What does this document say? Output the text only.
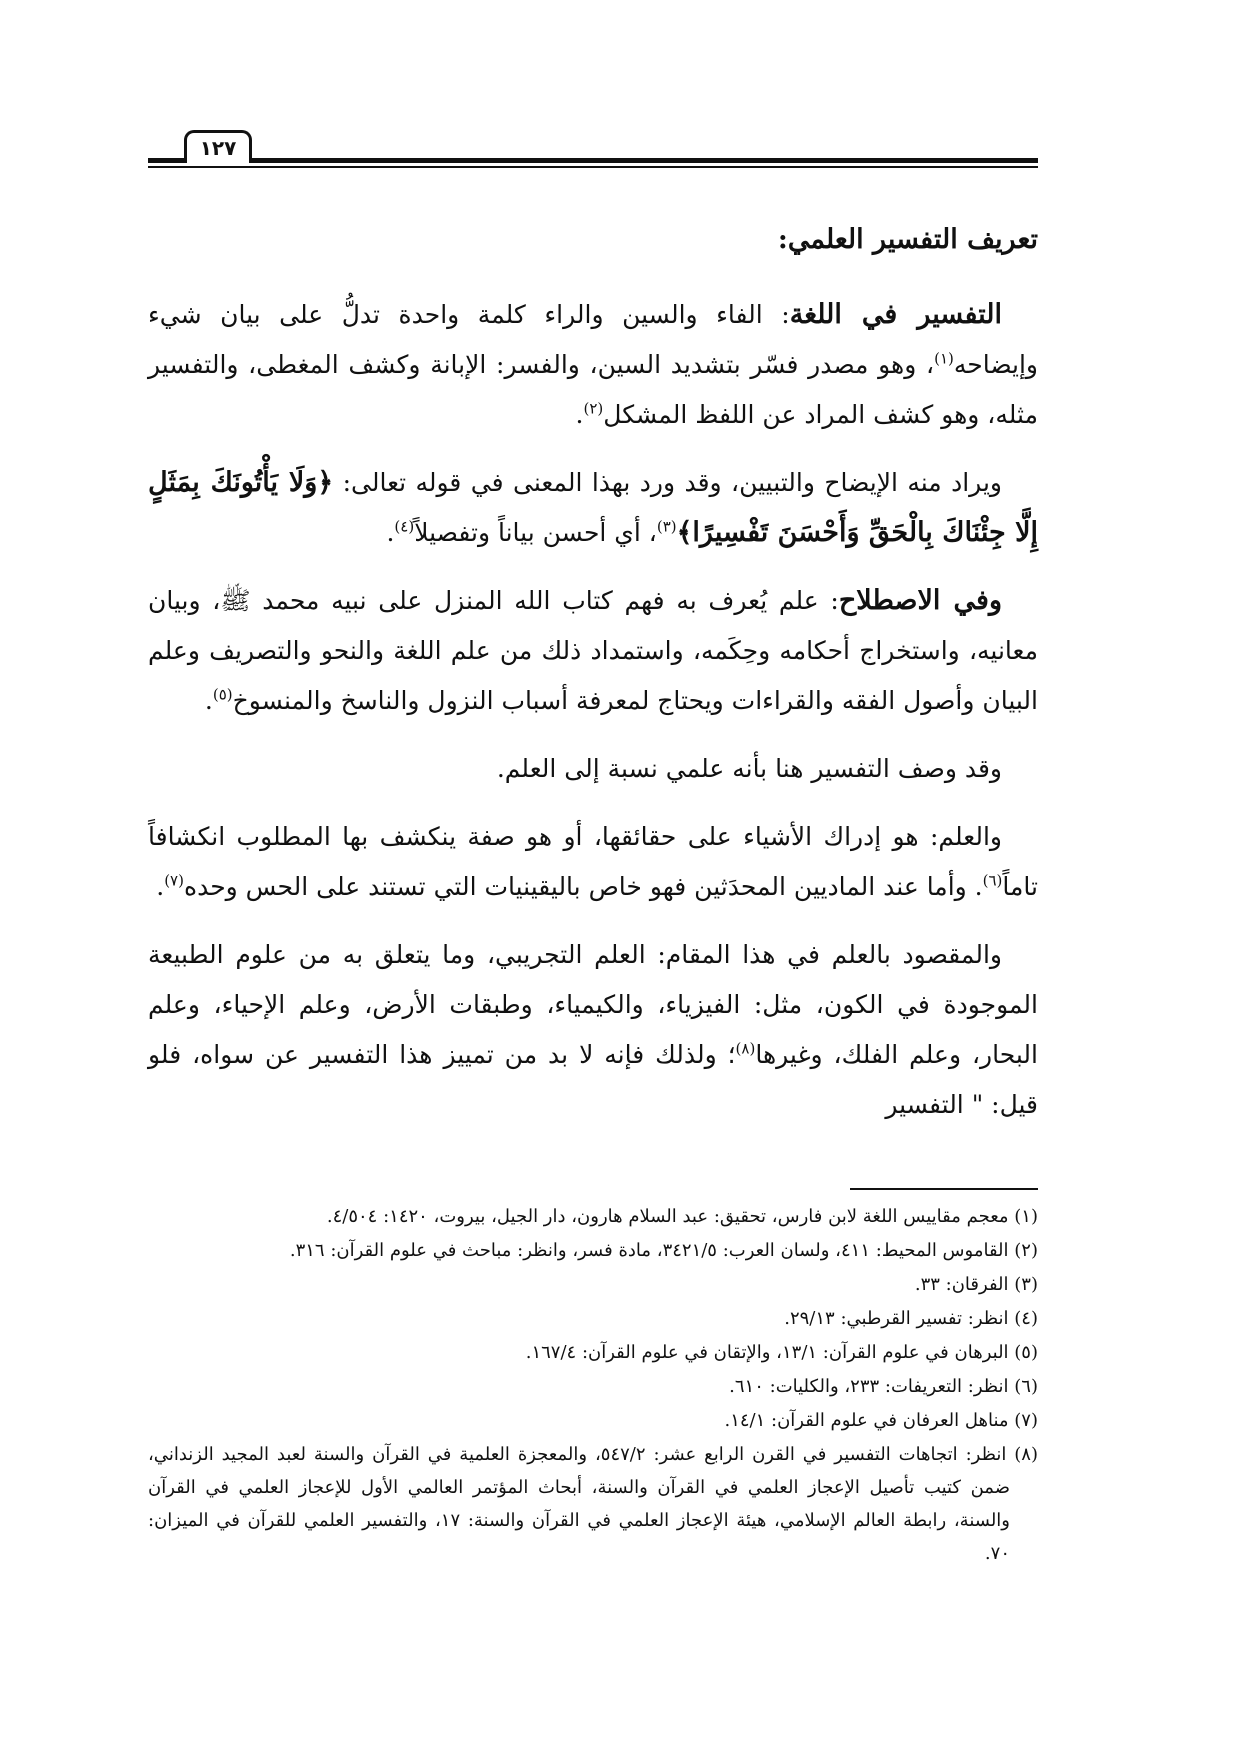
١٢٧
تعريف التفسير العلمي:

التفسير في اللغة: الفاء والسين والراء كلمة واحدة تدلُّ على بيان شيء وإيضاحه$^{(١)}$، وهو مصدر فسّر بتشديد السين، والفسر: الإبانة وكشف المغطى، والتفسير مثله، وهو كشف المراد عن اللفظ المشكل$^{(٢)}$.

ويراد منه الإيضاح والتبيين، وقد ورد بهذا المعنى في قوله تعالى: ﴿وَلَا يَأْتُونَكَ بِمَثَلٍ إِلَّا جِئْنَاكَ بِالْحَقِّ وَأَحْسَنَ تَفْسِيرًا﴾$^{(٣)}$، أي أحسن بياناً وتفصيلاً$^{(٤)}$.

وفي الاصطلاح: علم يُعرف به فهم كتاب الله المنزل على نبيه محمد ﷺ، وبيان معانيه، واستخراج أحكامه وحِكَمه، واستمداد ذلك من علم اللغة والنحو والتصريف وعلم البيان وأصول الفقه والقراءات ويحتاج لمعرفة أسباب النزول والناسخ والمنسوخ$^{(٥)}$.

وقد وصف التفسير هنا بأنه علمي نسبة إلى العلم.

والعلم: هو إدراك الأشياء على حقائقها، أو هو صفة ينكشف بها المطلوب انكشافاً تاماً$^{(٦)}$. وأما عند الماديين المحدَثين فهو خاص باليقينيات التي تستند على الحس وحده$^{(٧)}$.

والمقصود بالعلم في هذا المقام: العلم التجريبي، وما يتعلق به من علوم الطبيعة الموجودة في الكون، مثل: الفيزياء، والكيمياء، وطبقات الأرض، وعلم الإحياء، وعلم البحار، وعلم الفلك، وغيرها$^{(٨)}$؛ ولذلك فإنه لا بد من تمييز هذا التفسير عن سواه، فلو قيل: " التفسير

(١) معجم مقاييس اللغة لابن فارس، تحقيق: عبد السلام هارون، دار الجيل، بيروت، ١٤٢٠: ٤/٥٠٤.

(٢) القاموس المحيط: ٤١١، ولسان العرب: ٣٤٢١/٥، مادة فسر، وانظر: مباحث في علوم القرآن: ٣١٦.

(٣) الفرقان: ٣٣.

(٤) انظر: تفسير القرطبي: ٢٩/١٣.

(٥) البرهان في علوم القرآن: ١٣/١، والإتقان في علوم القرآن: ١٦٧/٤.

(٦) انظر: التعريفات: ٢٣٣، والكليات: ٦١٠.

(٧) مناهل العرفان في علوم القرآن: ١٤/١.

(٨) انظر: اتجاهات التفسير في القرن الرابع عشر: ٥٤٧/٢، والمعجزة العلمية في القرآن والسنة لعبد المجيد الزنداني، ضمن كتيب تأصيل الإعجاز العلمي في القرآن والسنة، أبحاث المؤتمر العالمي الأول للإعجاز العلمي في القرآن والسنة، رابطة العالم الإسلامي، هيئة الإعجاز العلمي في القرآن والسنة: ١٧، والتفسير العلمي للقرآن في الميزان: ٧٠.
